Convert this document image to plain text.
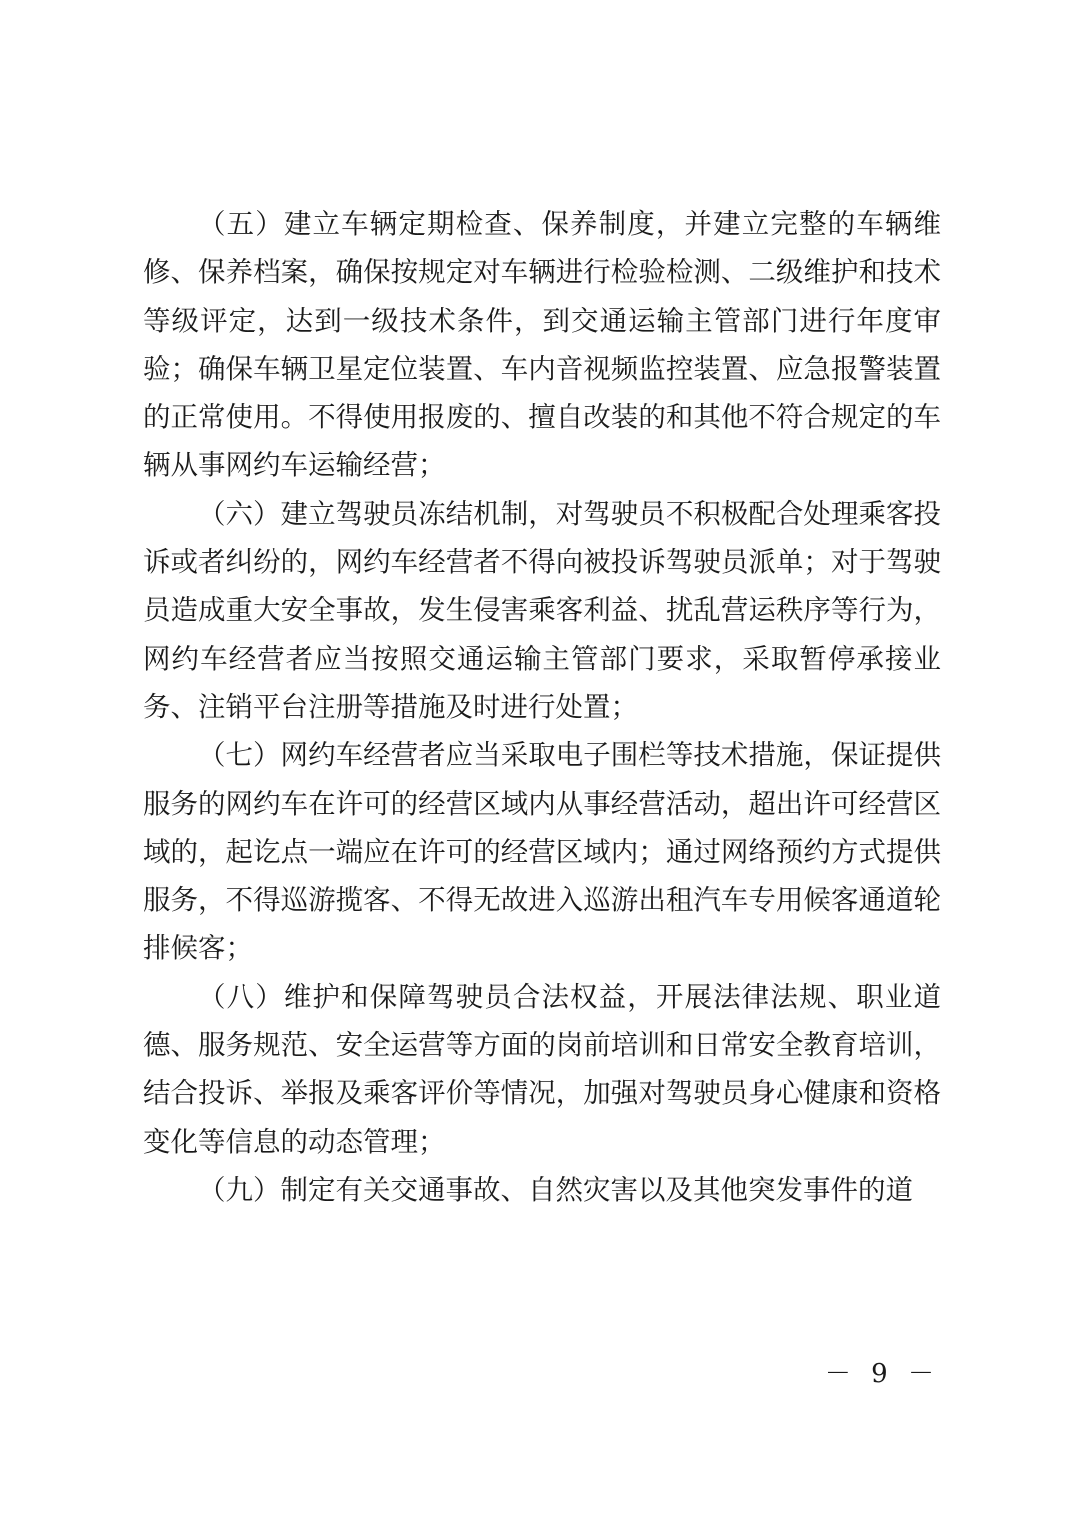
（五）建立车辆定期检查、保养制度，并建立完整的车辆维修、保养档案，确保按规定对车辆进行检验检测、二级维护和技术等级评定，达到一级技术条件，到交通运输主管部门进行年度审验；确保车辆卫星定位装置、车内音视频监控装置、应急报警装置的正常使用。不得使用报废的、擅自改装的和其他不符合规定的车辆从事网约车运输经营；

（六）建立驾驶员冻结机制，对驾驶员不积极配合处理乘客投诉或者纠纷的，网约车经营者不得向被投诉驾驶员派单；对于驾驶员造成重大安全事故，发生侵害乘客利益、扰乱营运秩序等行为，网约车经营者应当按照交通运输主管部门要求，采取暂停承接业务、注销平台注册等措施及时进行处置；

（七）网约车经营者应当采取电子围栏等技术措施，保证提供服务的网约车在许可的经营区域内从事经营活动，超出许可经营区域的，起讫点一端应在许可的经营区域内；通过网络预约方式提供服务，不得巡游揽客、不得无故进入巡游出租汽车专用候客通道轮排候客；

（八）维护和保障驾驶员合法权益，开展法律法规、职业道德、服务规范、安全运营等方面的岗前培训和日常安全教育培训，结合投诉、举报及乘客评价等情况，加强对驾驶员身心健康和资格变化等信息的动态管理；

（九）制定有关交通事故、自然灾害以及其他突发事件的道

－ 9 －
